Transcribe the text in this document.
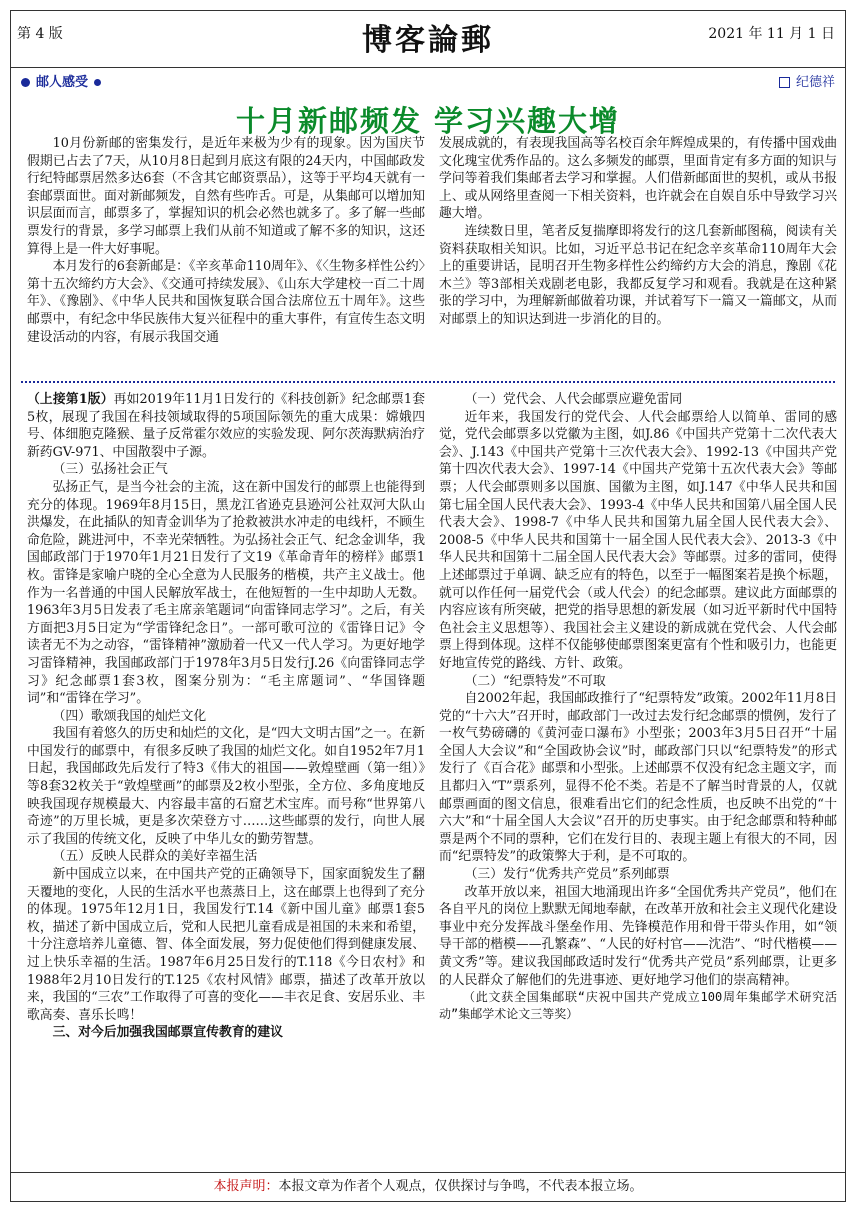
第 4 版	博客論郵	2021 年 11 月 1 日
邮人感受	纪德祥
十月新邮频发 学习兴趣大增

10月份新邮的密集发行，是近年来极为少有的现象。因为国庆节假期已占去了7天，从10月8日起到月底这有限的24天内，中国邮政发行纪特邮票居然多达6套（不含其它邮资票品），这等于平均4天就有一套邮票面世。面对新邮频发，自然有些咋舌。可是，从集邮可以增加知识层面而言，邮票多了，掌握知识的机会必然也就多了。多了解一些邮票发行的背景，多学习邮票上我们从前不知道或了解不多的知识，这还算得上是一件大好事呢。

本月发行的6套新邮是：《辛亥革命110周年》、《〈生物多样性公约〉第十五次缔约方大会》、《交通可持续发展》、《山东大学建校一百二十周年》、《豫剧》、《中华人民共和国恢复联合国合法席位五十周年》。这些邮票中，有纪念中华民族伟大复兴征程中的重大事件，有宣传生态文明建设活动的内容，有展示我国交通

发展成就的，有表现我国高等名校百余年辉煌成果的，有传播中国戏曲文化瑰宝优秀作品的。这么多频发的邮票，里面肯定有多方面的知识与学问等着我们集邮者去学习和掌握。人们借新邮面世的契机，或从书报上、或从网络里查阅一下相关资料，也许就会在自娱自乐中导致学习兴趣大增。

连续数日里，笔者反复揣摩即将发行的这几套新邮图稿，阅读有关资料获取相关知识。比如，习近平总书记在纪念辛亥革命110周年大会上的重要讲话，昆明召开生物多样性公约缔约方大会的消息，豫剧《花木兰》等3部相关戏剧老电影，我都反复学习和观看。我就是在这种紧张的学习中，为理解新邮做着功课，并试着写下一篇又一篇邮文，从而对邮票上的知识达到进一步消化的目的。

（上接第1版）再如2019年11月1日发行的《科技创新》纪念邮票1套5枚，展现了我国在科技领域取得的5项国际领先的重大成果：嫦娥四号、体细胞克隆猴、量子反常霍尔效应的实验发现、阿尔茨海默病治疗新药GV-971、中国散裂中子源。

（三）弘扬社会正气

弘扬正气，是当今社会的主流，这在新中国发行的邮票上也能得到充分的体现。1969年8月15日，黑龙江省逊克县逊河公社双河大队山洪爆发，在此插队的知青金训华为了抢救被洪水冲走的电线杆，不顾生命危险，跳进河中，不幸光荣牺牲。为弘扬社会正气、纪念金训华，我国邮政部门于1970年1月21日发行了文19《革命青年的榜样》邮票1枚。雷锋是家喻户晓的全心全意为人民服务的楷模，共产主义战士。他作为一名普通的中国人民解放军战士，在他短暂的一生中却助人无数。1963年3月5日发表了毛主席亲笔题词“向雷锋同志学习”。之后，有关方面把3月5日定为“学雷锋纪念日”。一部可歌可泣的《雷锋日记》令读者无不为之动容，“雷锋精神”激励着一代又一代人学习。为更好地学习雷锋精神，我国邮政部门于1978年3月5日发行J.26《向雷锋同志学习》纪念邮票1套3枚，图案分别为：“毛主席题词”、“华国锋题词”和“雷锋在学习”。

（四）歌颂我国的灿烂文化

我国有着悠久的历史和灿烂的文化，是“四大文明古国”之一。在新中国发行的邮票中，有很多反映了我国的灿烂文化。如自1952年7月1日起，我国邮政先后发行了特3《伟大的祖国——敦煌壁画（第一组）》等8套32枚关于“敦煌壁画”的邮票及2枚小型张，全方位、多角度地反映我国现存规模最大、内容最丰富的石窟艺术宝库。而号称“世界第八奇迹”的万里长城，更是多次荣登方寸……这些邮票的发行，向世人展示了我国的传统文化，反映了中华儿女的勤劳智慧。

（五）反映人民群众的美好幸福生活

新中国成立以来，在中国共产党的正确领导下，国家面貌发生了翻天覆地的变化，人民的生活水平也蒸蒸日上，这在邮票上也得到了充分的体现。1975年12月1日，我国发行T.14《新中国儿童》邮票1套5枚，描述了新中国成立后，党和人民把儿童看成是祖国的未来和希望，十分注意培养儿童德、智、体全面发展，努力促使他们得到健康发展、过上快乐幸福的生活。1987年6月25日发行的T.118《今日农村》和1988年2月10日发行的T.125《农村风情》邮票，描述了改革开放以来，我国的“三农”工作取得了可喜的变化——丰衣足食、安居乐业、丰歌高奏、喜乐长鸣！

三、对今后加强我国邮票宣传教育的建议

（一）党代会、人代会邮票应避免雷同

近年来，我国发行的党代会、人代会邮票给人以简单、雷同的感觉，党代会邮票多以党徽为主图，如J.86《中国共产党第十二次代表大会》、J.143《中国共产党第十三次代表大会》、1992-13《中国共产党第十四次代表大会》、1997-14《中国共产党第十五次代表大会》等邮票；人代会邮票则多以国旗、国徽为主图，如J.147《中华人民共和国第七届全国人民代表大会》、1993-4《中华人民共和国第八届全国人民代表大会》、1998-7《中华人民共和国第九届全国人民代表大会》、2008-5《中华人民共和国第十一届全国人民代表大会》、2013-3《中华人民共和国第十二届全国人民代表大会》等邮票。过多的雷同，使得上述邮票过于单调、缺乏应有的特色，以至于一幅图案若是换个标题，就可以作任何一届党代会（或人代会）的纪念邮票。建议此方面邮票的内容应该有所突破，把党的指导思想的新发展（如习近平新时代中国特色社会主义思想等）、我国社会主义建设的新成就在党代会、人代会邮票上得到体现。这样不仅能够使邮票图案更富有个性和吸引力，也能更好地宣传党的路线、方针、政策。

（二）“纪票特发”不可取

自2002年起，我国邮政推行了“纪票特发”政策。2002年11月8日党的“十六大”召开时，邮政部门一改过去发行纪念邮票的惯例，发行了一枚气势磅礴的《黄河壶口瀑布》小型张；2003年3月5日召开“十届全国人大会议”和“全国政协会议”时，邮政部门只以“纪票特发”的形式发行了《百合花》邮票和小型张。上述邮票不仅没有纪念主题文字，而且都归入“T”票系列，显得不伦不类。若是不了解当时背景的人，仅就邮票画面的图文信息，很难看出它们的纪念性质，也反映不出党的“十六大”和“十届全国人大会议”召开的历史事实。由于纪念邮票和特种邮票是两个不同的票种，它们在发行目的、表现主题上有很大的不同，因而“纪票特发”的政策弊大于利，是不可取的。

（三）发行“优秀共产党员”系列邮票

改革开放以来，祖国大地涌现出许多“全国优秀共产党员”，他们在各自平凡的岗位上默默无闻地奉献，在改革开放和社会主义现代化建设事业中充分发挥战斗堡垒作用、先锋模范作用和骨干带头作用，如“领导干部的楷模——孔繁森”、“人民的好村官——沈浩”、“时代楷模——黄文秀”等。建议我国邮政适时发行“优秀共产党员”系列邮票，让更多的人民群众了解他们的先进事迹、更好地学习他们的崇高精神。

（此文获全国集邮联“庆祝中国共产党成立100周年集邮学术研究活动”集邮学术论文三等奖）

本报声明：本报文章为作者个人观点，仅供探讨与争鸣，不代表本报立场。
